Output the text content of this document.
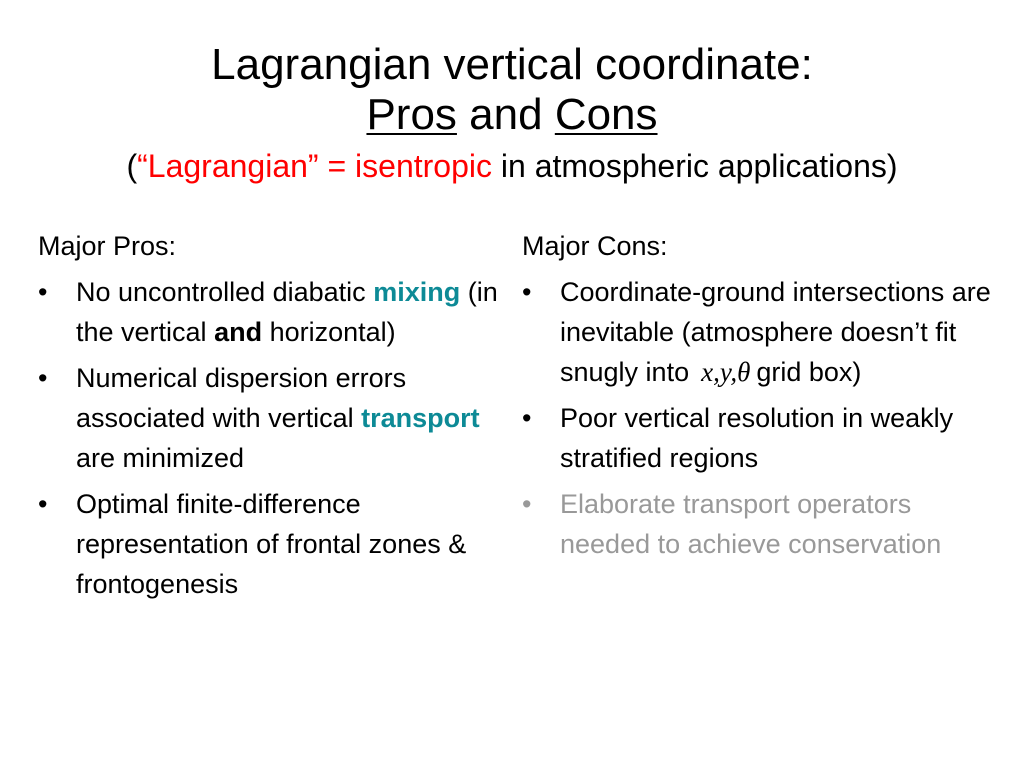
Lagrangian vertical coordinate:
Pros and Cons
(“Lagrangian” = isentropic in atmospheric applications)
Major Pros:
•	No uncontrolled diabatic mixing (in the vertical and horizontal)
•	Numerical dispersion errors associated with vertical transport are minimized
•	Optimal finite-difference representation of frontal zones & frontogenesis
Major Cons:
•	Coordinate-ground intersections are inevitable (atmosphere doesn’t fit snugly into x,y,θ grid box)
•	Poor vertical resolution in weakly stratified regions
•	Elaborate transport operators needed to achieve conservation
